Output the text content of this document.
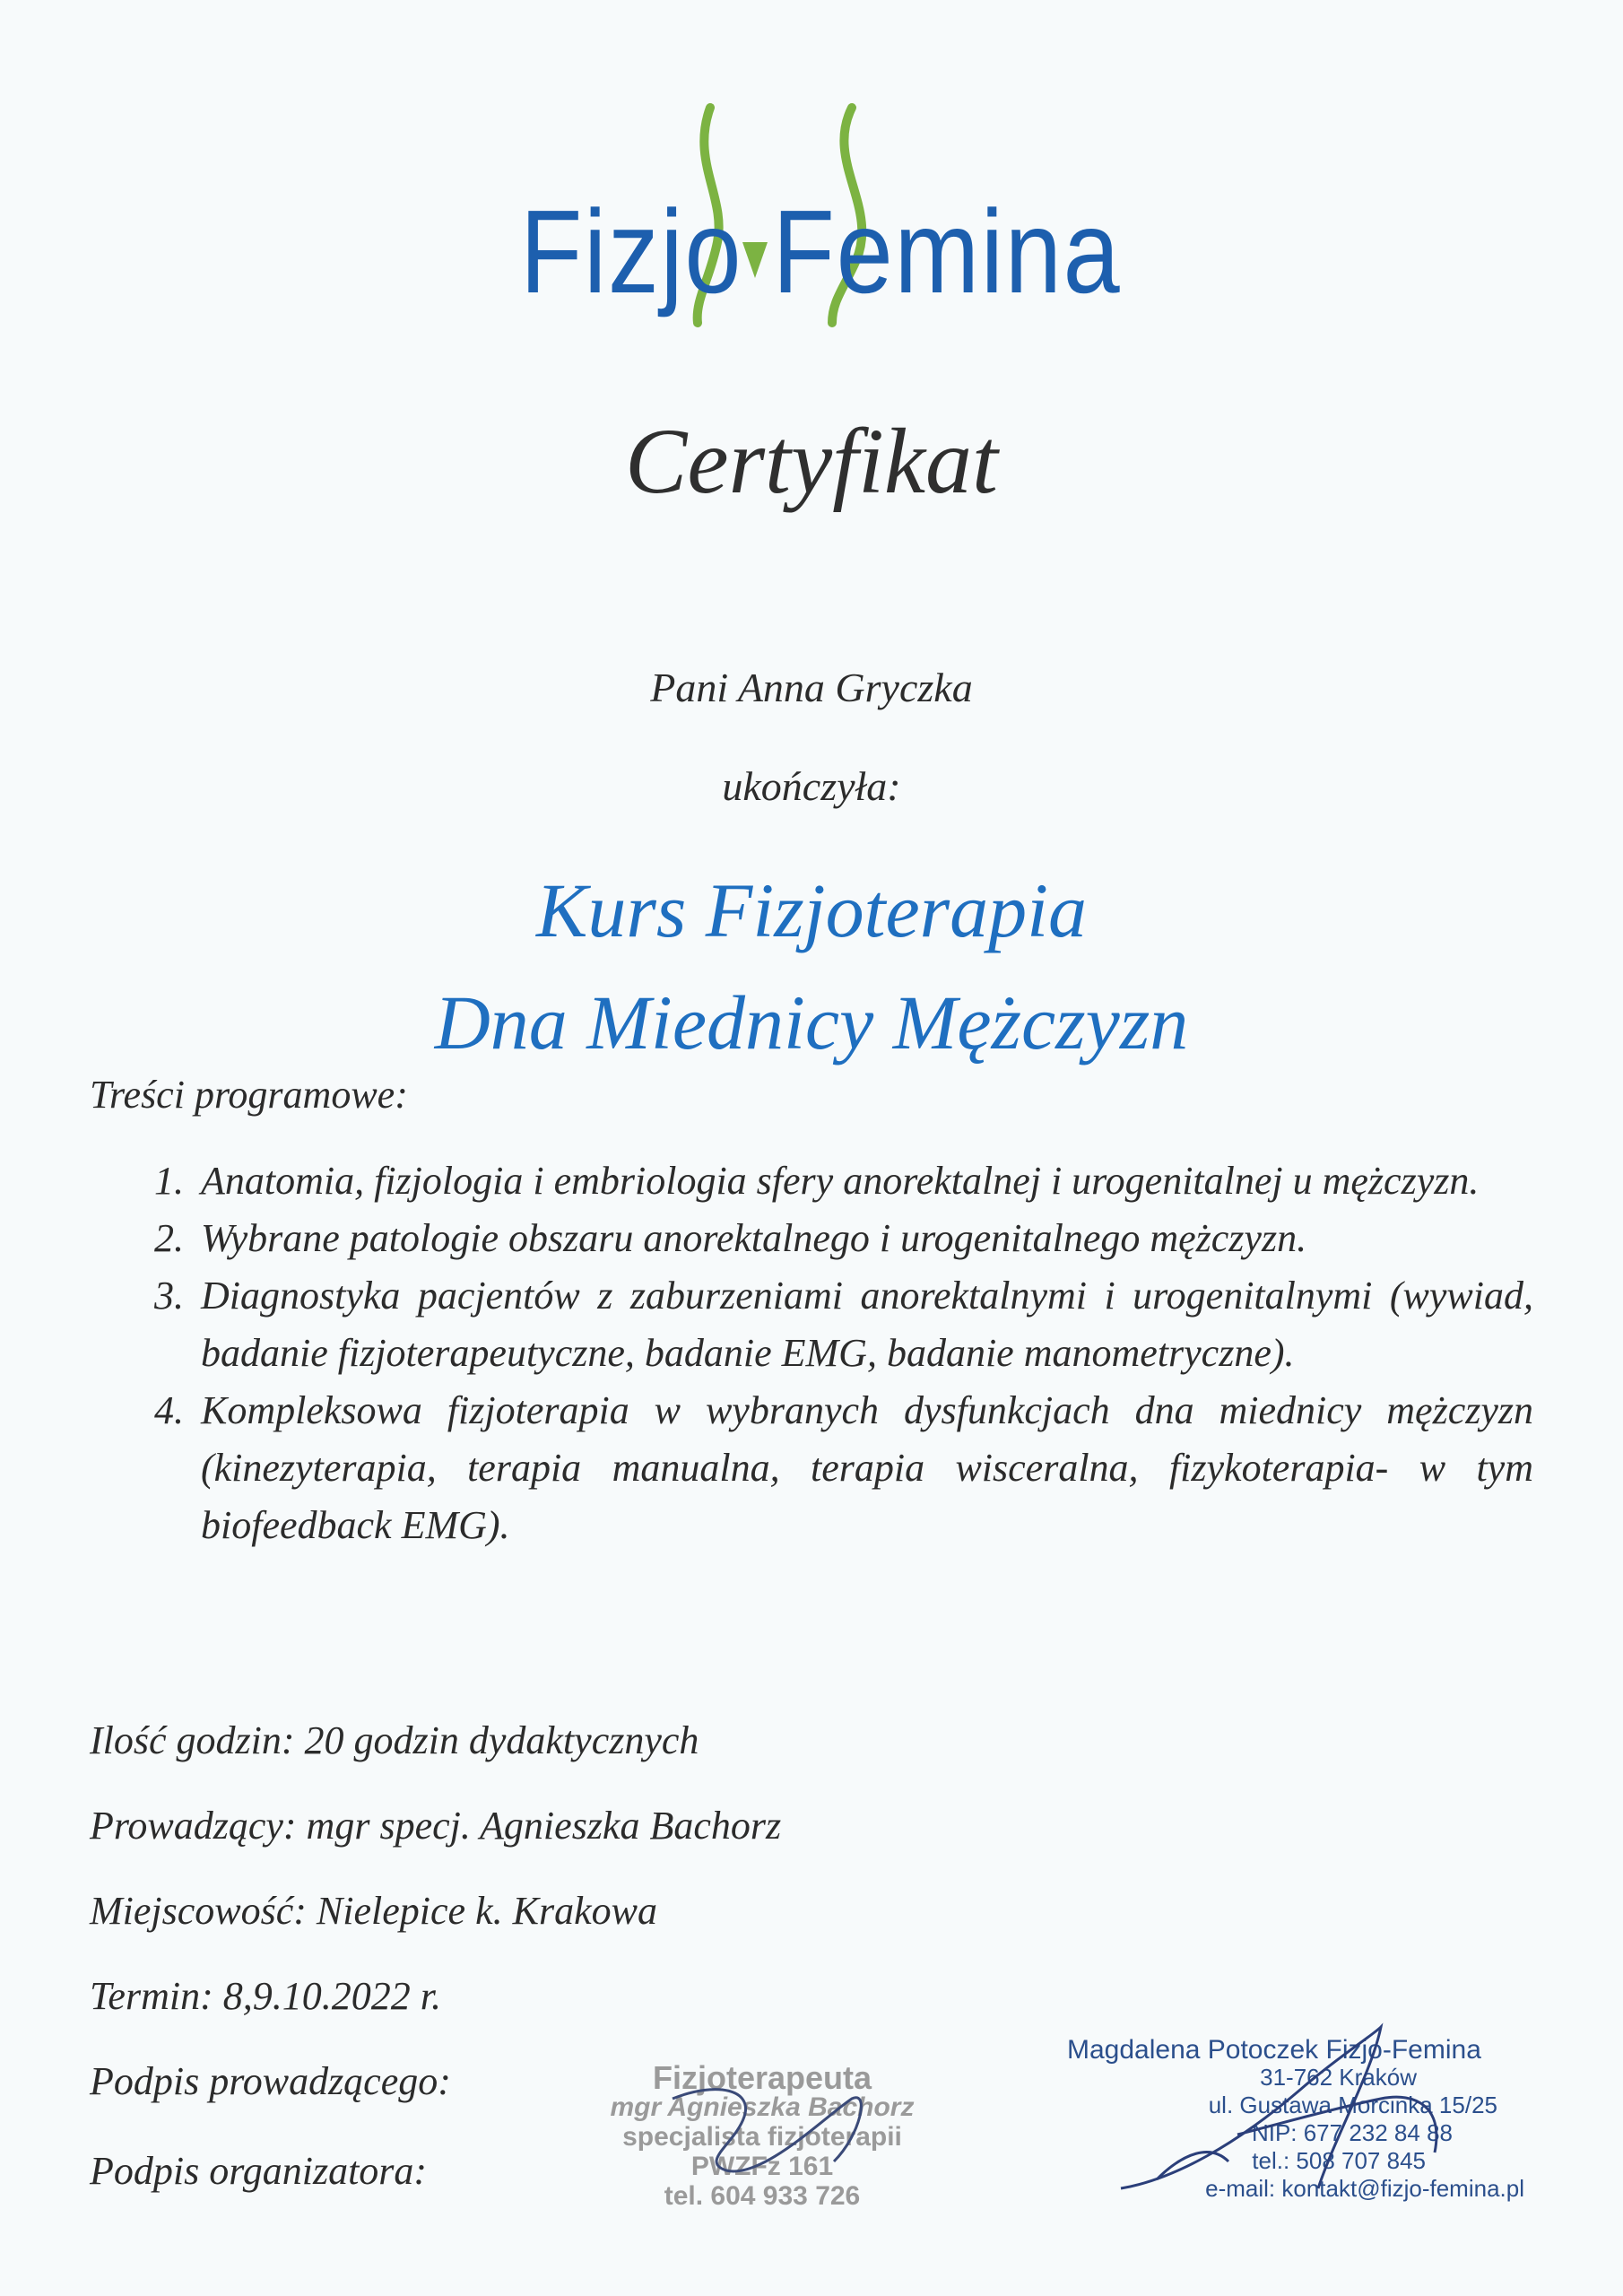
Fizjo Femina
Certyfikat
Pani Anna Gryczka
ukończyła:
Kurs Fizjoterapia
Dna Miednicy Mężczyzn
Treści programowe:
1. Anatomia, fizjologia i embriologia sfery anorektalnej i urogenitalnej u mężczyzn.
2. Wybrane patologie obszaru anorektalnego i urogenitalnego mężczyzn.
3. Diagnostyka pacjentów z zaburzeniami anorektalnymi i urogenitalnymi (wywiad, badanie fizjoterapeutyczne, badanie EMG, badanie manometryczne).
4. Kompleksowa fizjoterapia w wybranych dysfunkcjach dna miednicy mężczyzn (kinezyterapia, terapia manualna, terapia wisceralna, fizykoterapia- w tym biofeedback EMG).
Ilość godzin: 20 godzin dydaktycznych
Prowadzący: mgr specj. Agnieszka Bachorz
Miejscowość: Nielepice k. Krakowa
Termin: 8,9.10.2022 r.
Podpis prowadzącego:
Podpis organizatora:
Fizjoterapeuta
mgr Agnieszka Bachorz
specjalista fizjoterapii
PWZFz 161
tel. 604 933 726
Magdalena Potoczek Fizjo-Femina
31-762 Kraków
ul. Gustawa Morcinka 15/25
NIP: 677 232 84 88
tel.: 508 707 845
e-mail: kontakt@fizjo-femina.pl
